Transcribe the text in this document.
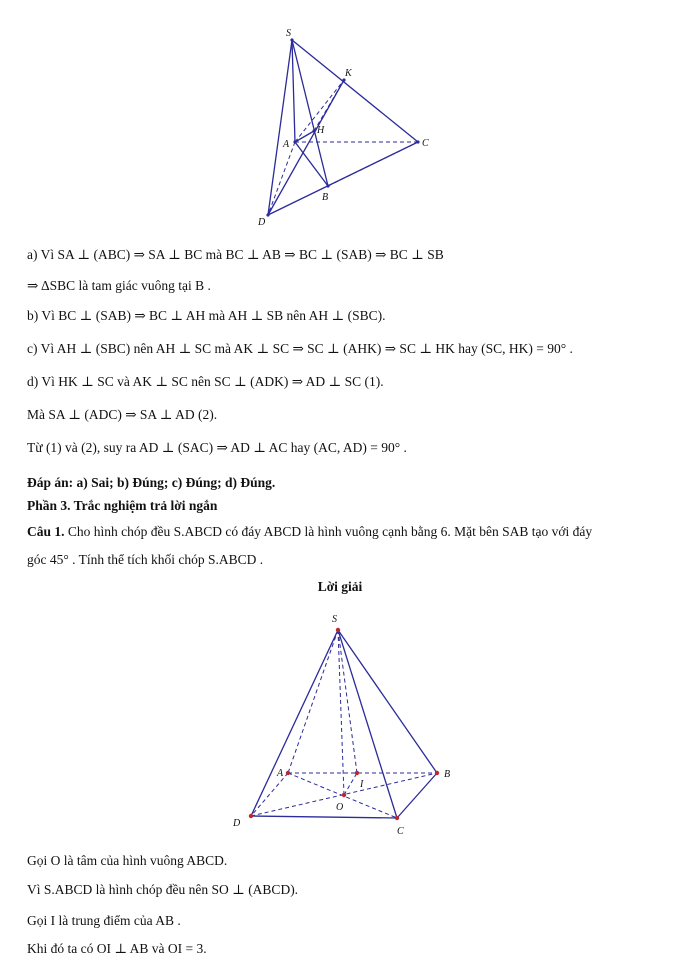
S
K
H
A	C
B
D
a) Vì SA ⊥ (ABC) ⇒ SA ⊥ BC mà BC ⊥ AB ⇒ BC ⊥ (SAB) ⇒ BC ⊥ SB
⇒ ΔSBC là tam giác vuông tại B .
b) Vì BC ⊥ (SAB) ⇒ BC ⊥ AH mà AH ⊥ SB nên AH ⊥ (SBC).
c) Vì AH ⊥ (SBC) nên AH ⊥ SC mà AK ⊥ SC ⇒ SC ⊥ (AHK) ⇒ SC ⊥ HK hay (SC, HK) = 90° .
d) Vì HK ⊥ SC và AK ⊥ SC nên SC ⊥ (ADK) ⇒ AD ⊥ SC (1).
Mà SA ⊥ (ADC) ⇒ SA ⊥ AD (2).
Từ (1) và (2), suy ra AD ⊥ (SAC) ⇒ AD ⊥ AC hay (AC, AD) = 90° .
Đáp án: a) Sai; b) Đúng; c) Đúng; d) Đúng.
Phần 3. Trắc nghiệm trả lời ngắn
Câu 1. Cho hình chóp đều S.ABCD có đáy ABCD là hình vuông cạnh bằng 6. Mặt bên SAB tạo với đáy
góc 45° . Tính thể tích khối chóp S.ABCD .
Lời giải
S
A	B
I
O
D
C
Gọi O là tâm của hình vuông ABCD.
Vì S.ABCD là hình chóp đều nên SO ⊥ (ABCD).
Gọi I là trung điểm của AB .
Khi đó ta có OI ⊥ AB và OI = 3.
